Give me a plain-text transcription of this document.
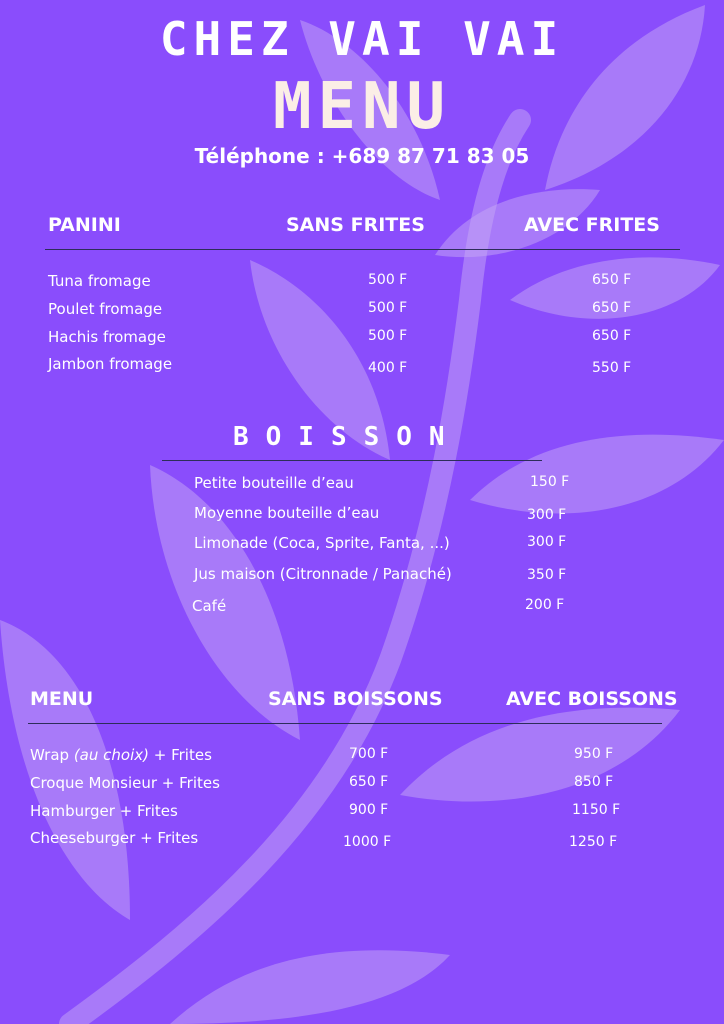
CHEZ VAI VAI
MENU
Téléphone : +689 87 71 83 05
PANINI	SANS FRITES	AVEC FRITES
Tuna fromage	500 F	650 F
Poulet fromage	500 F	650 F
Hachis fromage	500 F	650 F
Jambon fromage	400 F	550 F
BOISSON
Petite bouteille d’eau	150 F
Moyenne bouteille d’eau	300 F
Limonade (Coca, Sprite, Fanta, ...)	300 F
Jus maison (Citronnade / Panaché)	350 F
Café	200 F
MENU	SANS BOISSONS	AVEC BOISSONS
Wrap (au choix) + Frites	700 F	950 F
Croque Monsieur + Frites	650 F	850 F
Hamburger + Frites	900 F	1150 F
Cheeseburger + Frites	1000 F	1250 F
